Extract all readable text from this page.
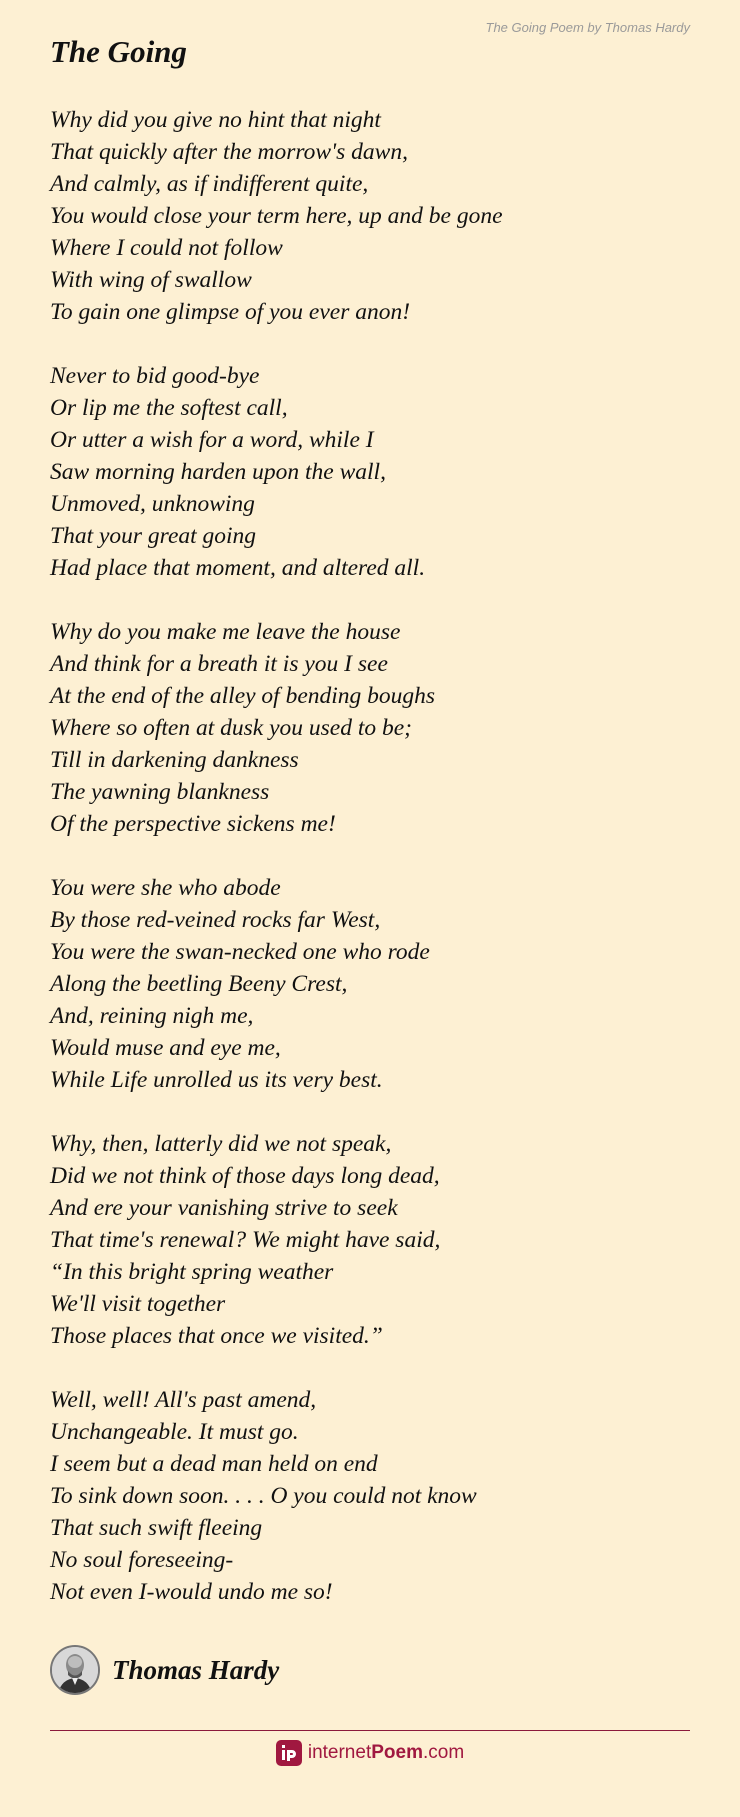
The Going Poem by Thomas Hardy
The Going
Why did you give no hint that night
That quickly after the morrow's dawn,
And calmly, as if indifferent quite,
You would close your term here, up and be gone
Where I could not follow
With wing of swallow
To gain one glimpse of you ever anon!
Never to bid good-bye
Or lip me the softest call,
Or utter a wish for a word, while I
Saw morning harden upon the wall,
Unmoved, unknowing
That your great going
Had place that moment, and altered all.
Why do you make me leave the house
And think for a breath it is you I see
At the end of the alley of bending boughs
Where so often at dusk you used to be;
Till in darkening dankness
The yawning blankness
Of the perspective sickens me!
You were she who abode
By those red-veined rocks far West,
You were the swan-necked one who rode
Along the beetling Beeny Crest,
And, reining nigh me,
Would muse and eye me,
While Life unrolled us its very best.
Why, then, latterly did we not speak,
Did we not think of those days long dead,
And ere your vanishing strive to seek
That time's renewal? We might have said,
“In this bright spring weather
We'll visit together
Those places that once we visited.”
Well, well! All's past amend,
Unchangeable. It must go.
I seem but a dead man held on end
To sink down soon. . . . O you could not know
That such swift fleeing
No soul foreseeing-
Not even I-would undo me so!
Thomas Hardy
internetPoem.com
